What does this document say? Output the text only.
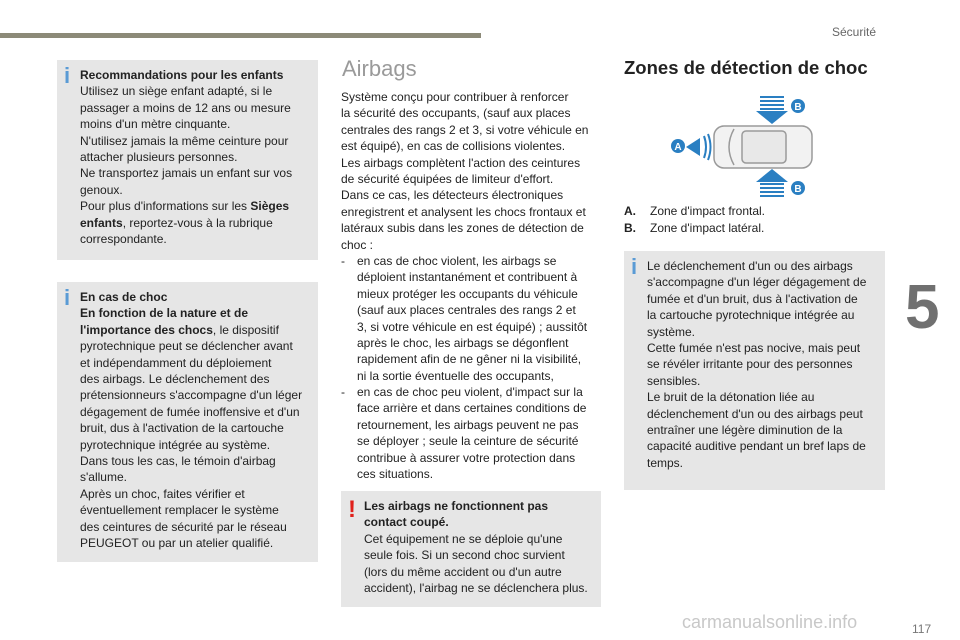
Sécurité
i Recommandations pour les enfants
Utilisez un siège enfant adapté, si le
passager a moins de 12 ans ou mesure
moins d'un mètre cinquante.
N'utilisez jamais la même ceinture pour
attacher plusieurs personnes.
Ne transportez jamais un enfant sur vos
genoux.
Pour plus d'informations sur les Sièges
enfants, reportez-vous à la rubrique
correspondante.
i En cas de choc
En fonction de la nature et de
l'importance des chocs, le dispositif
pyrotechnique peut se déclencher avant
et indépendamment du déploiement
des airbags. Le déclenchement des
prétensionneurs s'accompagne d'un léger
dégagement de fumée inoffensive et d'un
bruit, dus à l'activation de la cartouche
pyrotechnique intégrée au système.
Dans tous les cas, le témoin d'airbag
s'allume.
Après un choc, faites vérifier et
éventuellement remplacer le système
des ceintures de sécurité par le réseau
PEUGEOT ou par un atelier qualifié.
Airbags
Système conçu pour contribuer à renforcer
la sécurité des occupants, (sauf aux places
centrales des rangs 2 et 3, si votre véhicule en
est équipé), en cas de collisions violentes.
Les airbags complètent l'action des ceintures
de sécurité équipées de limiteur d'effort.
Dans ce cas, les détecteurs électroniques
enregistrent et analysent les chocs frontaux et
latéraux subis dans les zones de détection de
choc :
- en cas de choc violent, les airbags se
déploient instantanément et contribuent à
mieux protéger les occupants du véhicule
(sauf aux places centrales des rangs 2 et
3, si votre véhicule en est équipé) ; aussitôt
après le choc, les airbags se dégonflent
rapidement afin de ne gêner ni la visibilité,
ni la sortie éventuelle des occupants,
- en cas de choc peu violent, d'impact sur la
face arrière et dans certaines conditions de
retournement, les airbags peuvent ne pas
se déployer ; seule la ceinture de sécurité
contribue à assurer votre protection dans
ces situations.
! Les airbags ne fonctionnent pas
contact coupé.
Cet équipement ne se déploie qu'une
seule fois. Si un second choc survient
(lors du même accident ou d'un autre
accident), l'airbag ne se déclenchera plus.
Zones de détection de choc
A
B
B
A. Zone d'impact frontal.
B. Zone d'impact latéral.
i Le déclenchement d'un ou des airbags
s'accompagne d'un léger dégagement de
fumée et d'un bruit, dus à l'activation de
la cartouche pyrotechnique intégrée au
système.
Cette fumée n'est pas nocive, mais peut
se révéler irritante pour des personnes
sensibles.
Le bruit de la détonation liée au
déclenchement d'un ou des airbags peut
entraîner une légère diminution de la
capacité auditive pendant un bref laps de
temps.
5
carmanualsonline.info	117
